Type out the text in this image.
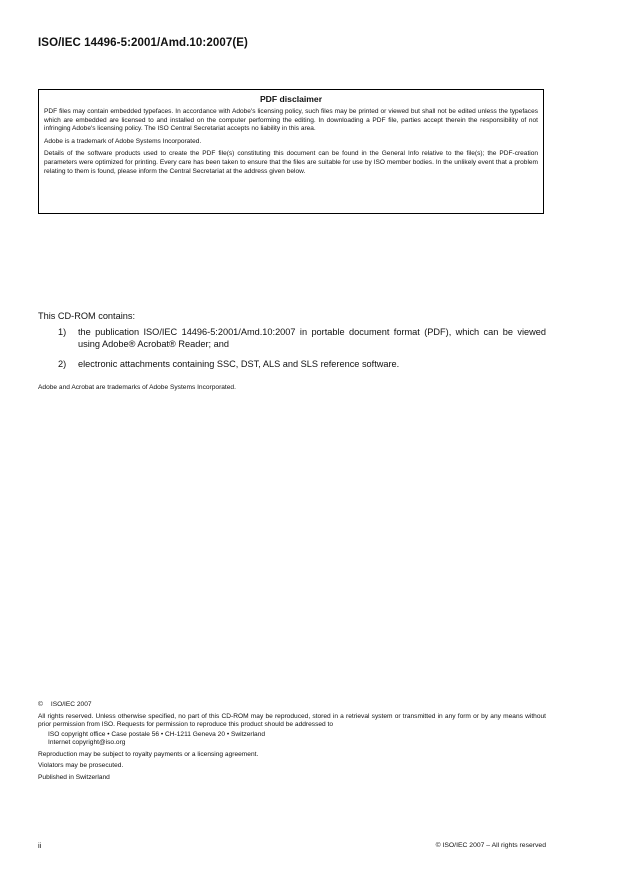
ISO/IEC 14496-5:2001/Amd.10:2007(E)
PDF disclaimer

PDF files may contain embedded typefaces. In accordance with Adobe's licensing policy, such files may be printed or viewed but shall not be edited unless the typefaces which are embedded are licensed to and installed on the computer performing the editing. In downloading a PDF file, parties accept therein the responsibility of not infringing Adobe's licensing policy. The ISO Central Secretariat accepts no liability in this area.

Adobe is a trademark of Adobe Systems Incorporated.

Details of the software products used to create the PDF file(s) constituting this document can be found in the General Info relative to the file(s); the PDF-creation parameters were optimized for printing. Every care has been taken to ensure that the files are suitable for use by ISO member bodies. In the unlikely event that a problem relating to them is found, please inform the Central Secretariat at the address given below.

This CD-ROM contains:
1) the publication ISO/IEC 14496-5:2001/Amd.10:2007 in portable document format (PDF), which can be viewed using Adobe® Acrobat® Reader; and
2) electronic attachments containing SSC, DST, ALS and SLS reference software.
Adobe and Acrobat are trademarks of Adobe Systems Incorporated.

© ISO/IEC 2007

All rights reserved. Unless otherwise specified, no part of this CD-ROM may be reproduced, stored in a retrieval system or transmitted in any form or by any means without prior permission from ISO. Requests for permission to reproduce this product should be addressed to

ISO copyright office • Case postale 56 • CH-1211 Geneva 20 • Switzerland

Internet copyright@iso.org

Reproduction may be subject to royalty payments or a licensing agreement.

Violators may be prosecuted.

Published in Switzerland

ii	© ISO/IEC 2007 – All rights reserved
